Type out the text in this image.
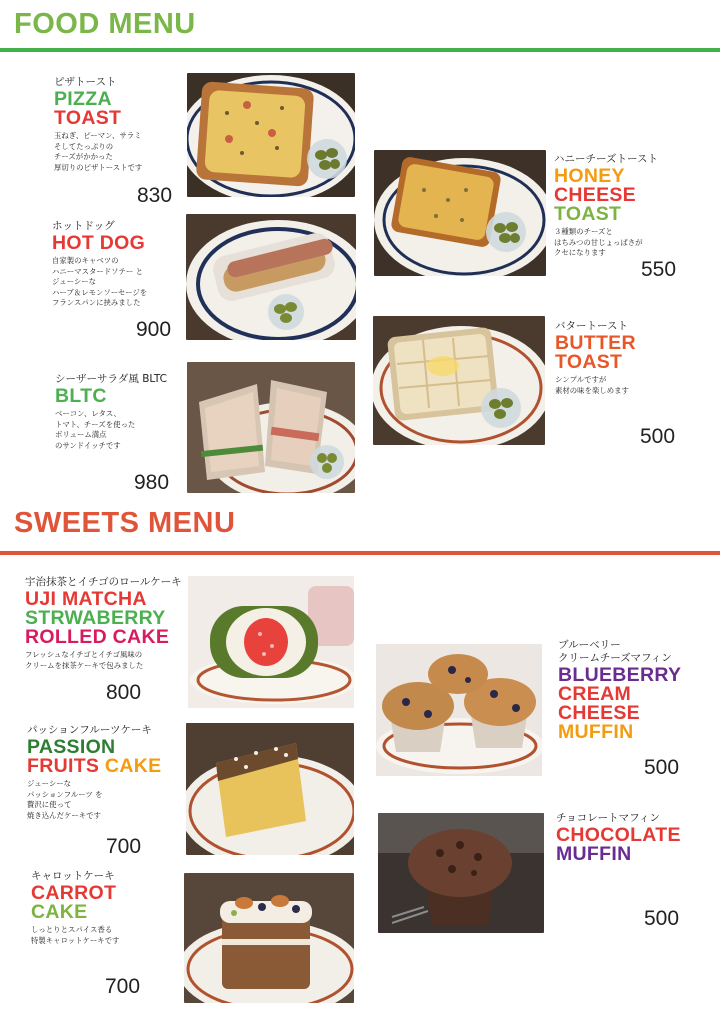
FOOD MENU
ピザトースト
PIZZA
TOAST
玉ねぎ、ピーマン、サラミ
そしてたっぷりの
チーズがかかった
厚切りのピザトーストです
830
ホットドッグ
HOT DOG
自家製のキャベツの
ハニーマスタードソテー と
ジューシーな
ハーブ＆レモンソーセージを
フランスパンに挟みました
900
シーザーサラダ風 BLTC
BLTC
ベーコン、レタス、
トマト、チーズを使った
ボリューム満点
のサンドイッチです
980
ハニーチーズトースト
HONEY
CHEESE
TOAST
３種類のチーズと
はちみつの甘じょっぱさが
クセになります
550
バタートースト
BUTTER
TOAST
シンプルですが
素材の味を楽しめます
500
SWEETS MENU
宇治抹茶とイチゴのロールケーキ
UJI MATCHA
STRWABERRY
ROLLED CAKE
フレッシュなイチゴとイチゴ風味の
クリームを抹茶ケーキで包みました
800
パッションフルーツケーキ
PASSION
FRUITS CAKE
ジューシーな
パッションフルーツ を
贅沢に使って
焼き込んだケーキです
700
キャロットケーキ
CARROT
CAKE
しっとりとスパイス香る
特製キャロットケーキです
700
ブルーベリー
クリームチーズマフィン
BLUEBERRY
CREAM
CHEESE
MUFFIN
500
チョコレートマフィン
CHOCOLATE
MUFFIN
500
